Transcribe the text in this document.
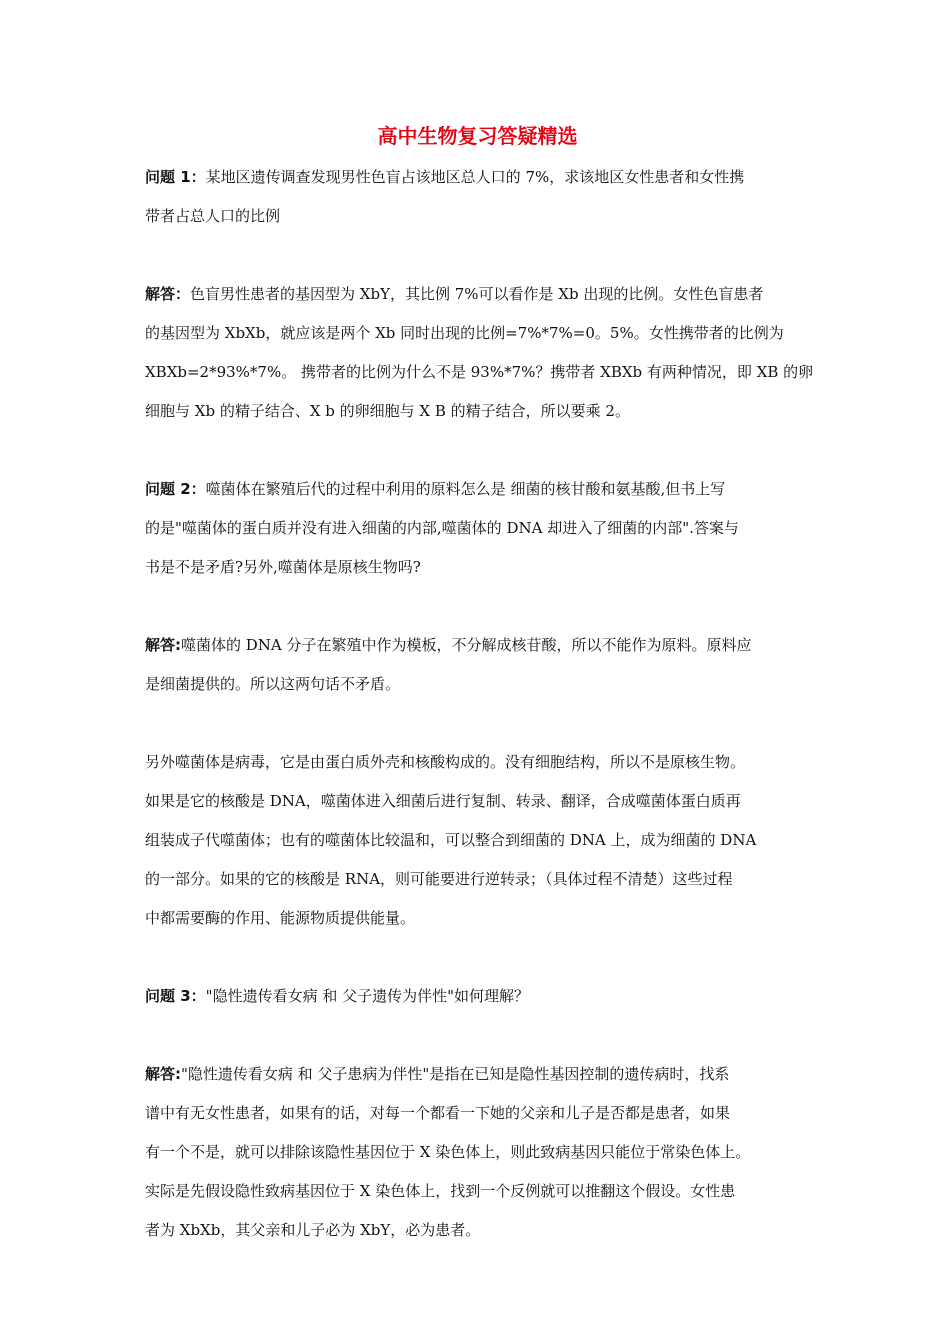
高中生物复习答疑精选

问题 1：某地区遗传调查发现男性色盲占该地区总人口的 7%，求该地区女性患者和女性携
带者占总人口的比例

解答：色盲男性患者的基因型为 XbY，其比例 7%可以看作是 Xb 出现的比例。女性色盲患者
的基因型为 XbXb，就应该是两个 Xb 同时出现的比例=7%*7%=0。5%。女性携带者的比例为
XBXb=2*93%*7%。 携带者的比例为什么不是 93%*7%？携带者 XBXb 有两种情况，即 XB 的卵
细胞与 Xb 的精子结合、X b 的卵细胞与 X B 的精子结合，所以要乘 2。

问题 2：噬菌体在繁殖后代的过程中利用的原料怎么是 细菌的核甘酸和氨基酸,但书上写
的是"噬菌体的蛋白质并没有进入细菌的内部,噬菌体的 DNA 却进入了细菌的内部".答案与
书是不是矛盾?另外,噬菌体是原核生物吗?

解答:噬菌体的 DNA 分子在繁殖中作为模板，不分解成核苷酸，所以不能作为原料。原料应
是细菌提供的。所以这两句话不矛盾。

另外噬菌体是病毒，它是由蛋白质外壳和核酸构成的。没有细胞结构，所以不是原核生物。
如果是它的核酸是 DNA，噬菌体进入细菌后进行复制、转录、翻译，合成噬菌体蛋白质再
组装成子代噬菌体；也有的噬菌体比较温和，可以整合到细菌的 DNA 上，成为细菌的 DNA
的一部分。如果的它的核酸是 RNA，则可能要进行逆转录；（具体过程不清楚）这些过程
中都需要酶的作用、能源物质提供能量。

问题 3："隐性遗传看女病 和 父子遗传为伴性"如何理解？

解答:"隐性遗传看女病 和 父子患病为伴性"是指在已知是隐性基因控制的遗传病时，找系
谱中有无女性患者，如果有的话，对每一个都看一下她的父亲和儿子是否都是患者，如果
有一个不是，就可以排除该隐性基因位于 X 染色体上，则此致病基因只能位于常染色体上。
实际是先假设隐性致病基因位于 X 染色体上，找到一个反例就可以推翻这个假设。女性患
者为 XbXb，其父亲和儿子必为 XbY，必为患者。
